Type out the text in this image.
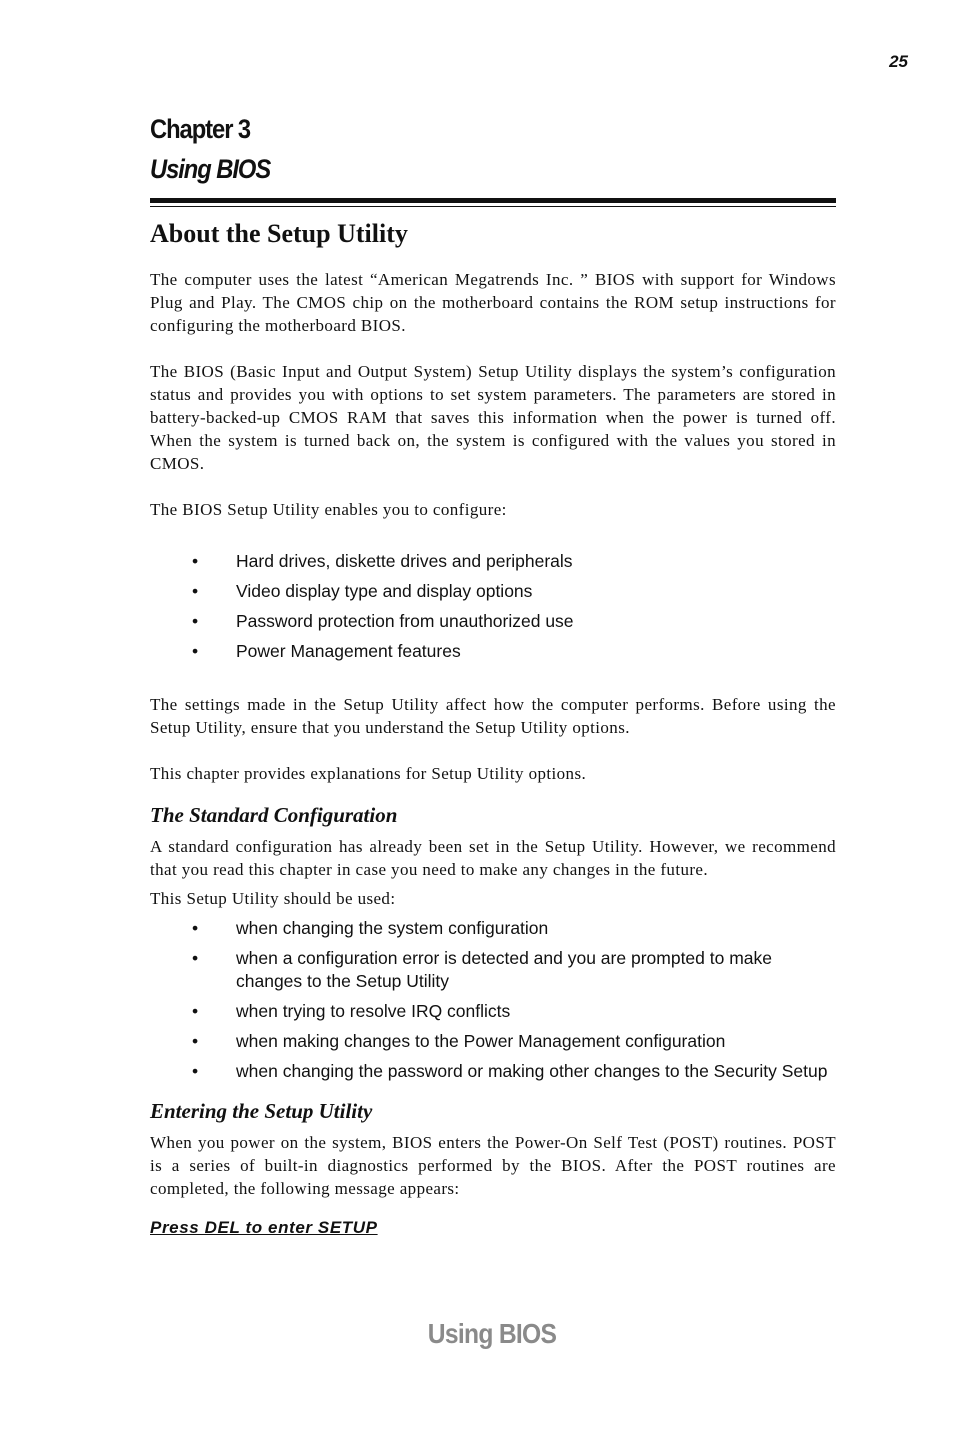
25
Chapter 3
Using BIOS
About the Setup Utility

The computer uses the latest “American Megatrends Inc. ” BIOS with support for Windows Plug and Play. The CMOS chip on the motherboard contains the ROM setup instructions for configuring the motherboard BIOS.

The BIOS (Basic Input and Output System) Setup Utility displays the system’s configuration status and provides you with options to set system parameters. The parameters are stored in battery-backed-up CMOS RAM that saves this information when the power is turned off. When the system is turned back on, the system is configured with the values you stored in CMOS.

The BIOS Setup Utility enables you to configure:

• Hard drives, diskette drives and peripherals
• Video display type and display options
• Password protection from unauthorized use
• Power Management features

The settings made in the Setup Utility affect how the computer performs. Before using the Setup Utility, ensure that you understand the Setup Utility options.

This chapter provides explanations for Setup Utility options.

The Standard Configuration

A standard configuration has already been set in the Setup Utility. However, we recommend that you read this chapter in case you need to make any changes in the future.

This Setup Utility should be used:

• when changing the system configuration
• when a configuration error is detected and you are prompted to make changes to the Setup Utility
• when trying to resolve IRQ conflicts
• when making changes to the Power Management configuration
• when changing the password or making other changes to the Security Setup
Entering the Setup Utility

When you power on the system, BIOS enters the Power-On Self Test (POST) routines. POST is a series of built-in diagnostics performed by the BIOS. After the POST routines are completed, the following message appears:

Press DEL to enter SETUP
Using BIOS
